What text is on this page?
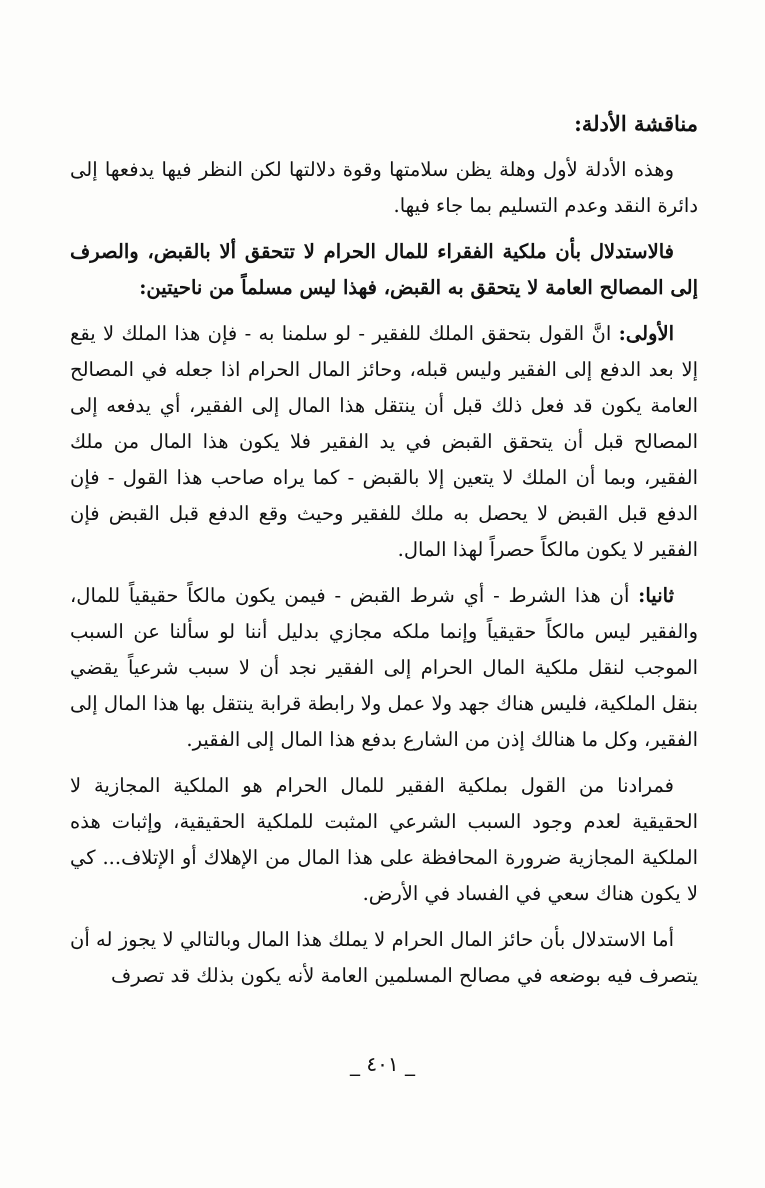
مناقشة الأدلة:

وهذه الأدلة لأول وهلة يظن سلامتها وقوة دلالتها لكن النظر فيها يدفعها إلى دائرة النقد وعدم التسليم بما جاء فيها.

فالاستدلال بأن ملكية الفقراء للمال الحرام لا تتحقق ألا بالقبض، والصرف إلى المصالح العامة لا يتحقق به القبض، فهذا ليس مسلماً من ناحيتين:

الأولى: انَّ القول بتحقق الملك للفقير - لو سلمنا به - فإن هذا الملك لا يقع إلا بعد الدفع إلى الفقير وليس قبله، وحائز المال الحرام اذا جعله في المصالح العامة يكون قد فعل ذلك قبل أن ينتقل هذا المال إلى الفقير، أي يدفعه إلى المصالح قبل أن يتحقق القبض في يد الفقير فلا يكون هذا المال من ملك الفقير، وبما أن الملك لا يتعين إلا بالقبض - كما يراه صاحب هذا القول - فإن الدفع قبل القبض لا يحصل به ملك للفقير وحيث وقع الدفع قبل القبض فإن الفقير لا يكون مالكاً حصراً لهذا المال.

ثانيا: أن هذا الشرط - أي شرط القبض - فيمن يكون مالكاً حقيقياً للمال، والفقير ليس مالكاً حقيقياً وإنما ملكه مجازي بدليل أننا لو سألنا عن السبب الموجب لنقل ملكية المال الحرام إلى الفقير نجد أن لا سبب شرعياً يقضي بنقل الملكية، فليس هناك جهد ولا عمل ولا رابطة قرابة ينتقل بها هذا المال إلى الفقير، وكل ما هنالك إذن من الشارع بدفع هذا المال إلى الفقير.

فمرادنا من القول بملكية الفقير للمال الحرام هو الملكية المجازية لا الحقيقية لعدم وجود السبب الشرعي المثبت للملكية الحقيقية، وإثبات هذه الملكية المجازية ضرورة المحافظة على هذا المال من الإهلاك أو الإتلاف... كي لا يكون هناك سعي في الفساد في الأرض.

أما الاستدلال بأن حائز المال الحرام لا يملك هذا المال وبالتالي لا يجوز له أن يتصرف فيه بوضعه في مصالح المسلمين العامة لأنه يكون بذلك قد تصرف

_ ٤٠١ _
